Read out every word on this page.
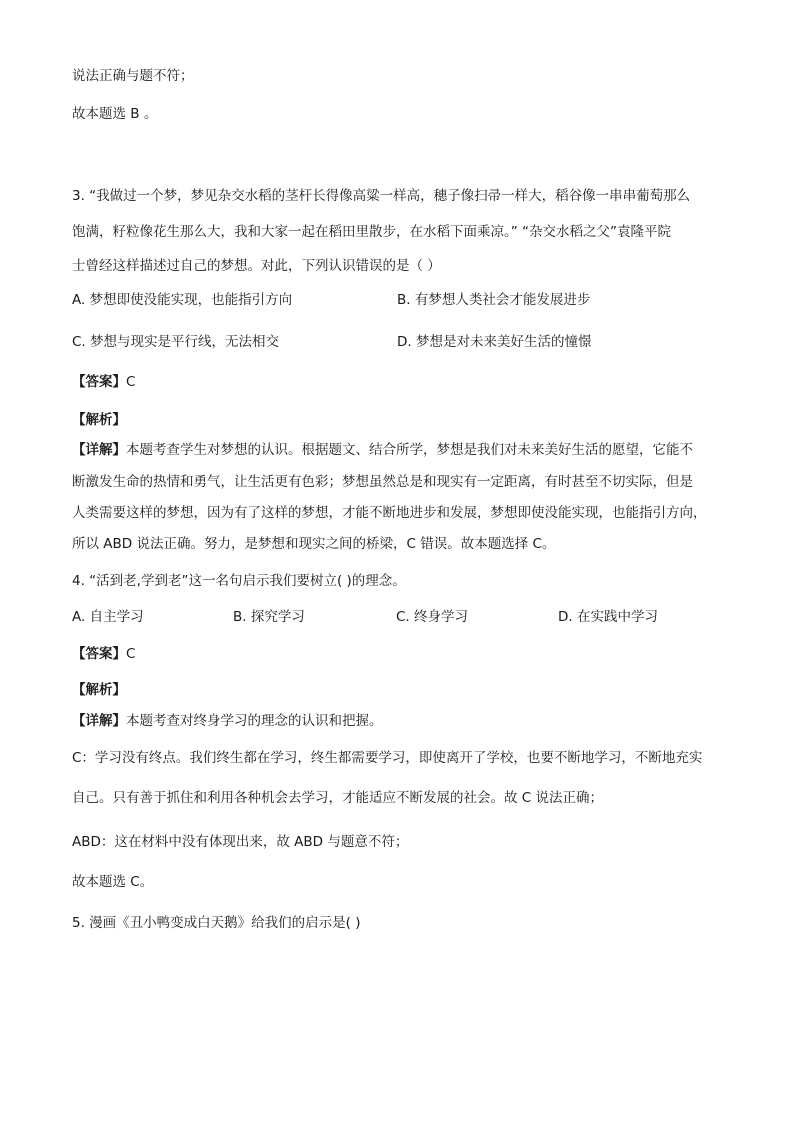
说法正确与题不符；
故本题选 B 。
3. “我做过一个梦，梦见杂交水稻的茎杆长得像高粱一样高，穗子像扫帚一样大，稻谷像一串串葡萄那么
饱满，籽粒像花生那么大，我和大家一起在稻田里散步，在水稻下面乘凉。” “杂交水稻之父”袁隆平院
士曾经这样描述过自己的梦想。对此，下列认识错误的是（ ）
A. 梦想即使没能实现，也能指引方向	B. 有梦想人类社会才能发展进步
C. 梦想与现实是平行线，无法相交	D. 梦想是对未来美好生活的憧憬
【答案】C
【解析】
【详解】本题考查学生对梦想的认识。根据题文、结合所学，梦想是我们对未来美好生活的愿望，它能不
断激发生命的热情和勇气，让生活更有色彩；梦想虽然总是和现实有一定距离，有时甚至不切实际，但是
人类需要这样的梦想，因为有了这样的梦想，才能不断地进步和发展，梦想即使没能实现，也能指引方向，
所以 ABD 说法正确。努力，是梦想和现实之间的桥梁，C 错误。故本题选择 C。
4. “活到老,学到老”这一名句启示我们要树立( )的理念。
A. 自主学习	B. 探究学习	C. 终身学习	D. 在实践中学习
【答案】C
【解析】
【详解】本题考查对终身学习的理念的认识和把握。
C：学习没有终点。我们终生都在学习，终生都需要学习，即使离开了学校，也要不断地学习，不断地充实
自己。只有善于抓住和利用各种机会去学习，才能适应不断发展的社会。故 C 说法正确；
ABD：这在材料中没有体现出来，故 ABD 与题意不符；
故本题选 C。
5. 漫画《丑小鸭变成白天鹅》给我们的启示是( )
